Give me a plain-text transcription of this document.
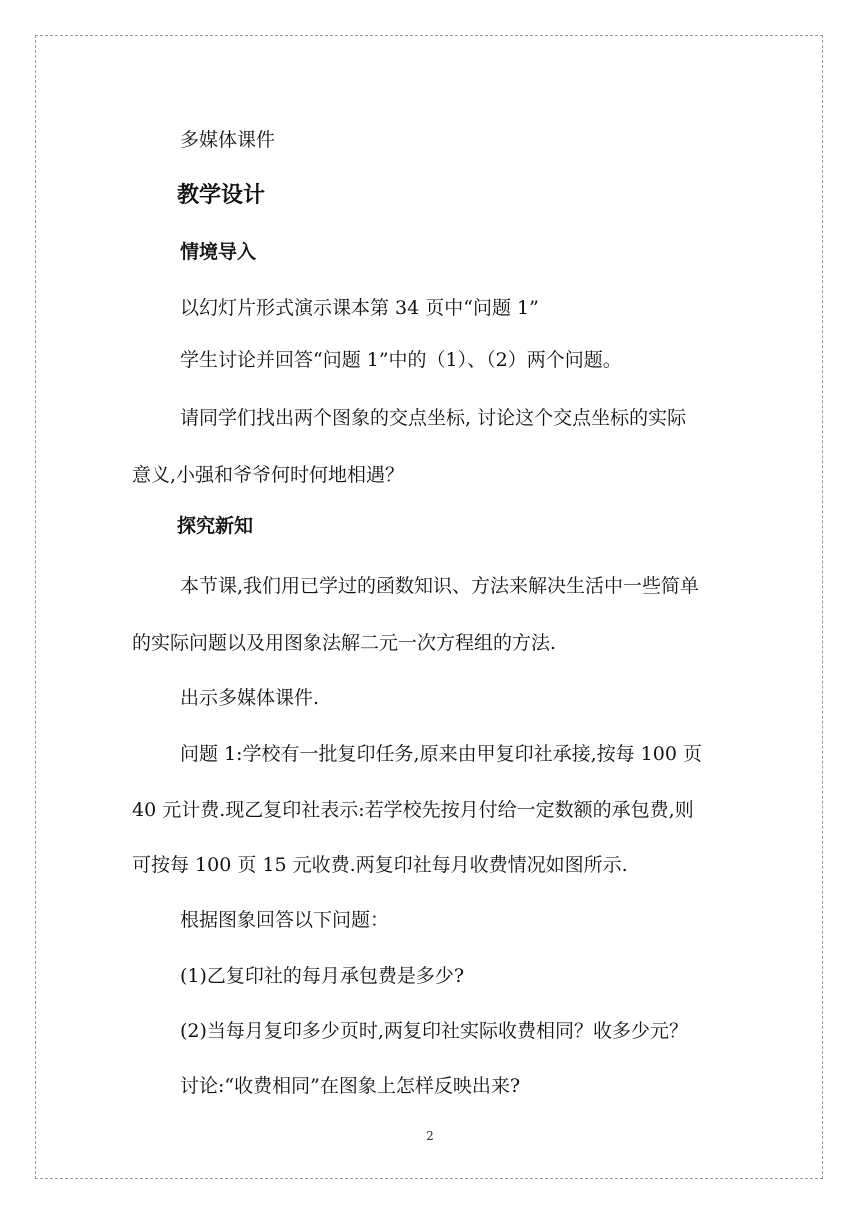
多媒体课件
教学设计
情境导入
以幻灯片形式演示课本第 34 页中“问题 1”
学生讨论并回答“问题 1”中的（1）、（2）两个问题。
请同学们找出两个图象的交点坐标, 讨论这个交点坐标的实际
意义,小强和爷爷何时何地相遇？
探究新知
本节课,我们用已学过的函数知识、方法来解决生活中一些简单
的实际问题以及用图象法解二元一次方程组的方法.
出示多媒体课件.
问题 1:学校有一批复印任务,原来由甲复印社承接,按每 100 页
40 元计费.现乙复印社表示:若学校先按月付给一定数额的承包费,则
可按每 100 页 15 元收费.两复印社每月收费情况如图所示.
根据图象回答以下问题：
(1)乙复印社的每月承包费是多少?
(2)当每月复印多少页时,两复印社实际收费相同？收多少元？
讨论:“收费相同”在图象上怎样反映出来?
2
